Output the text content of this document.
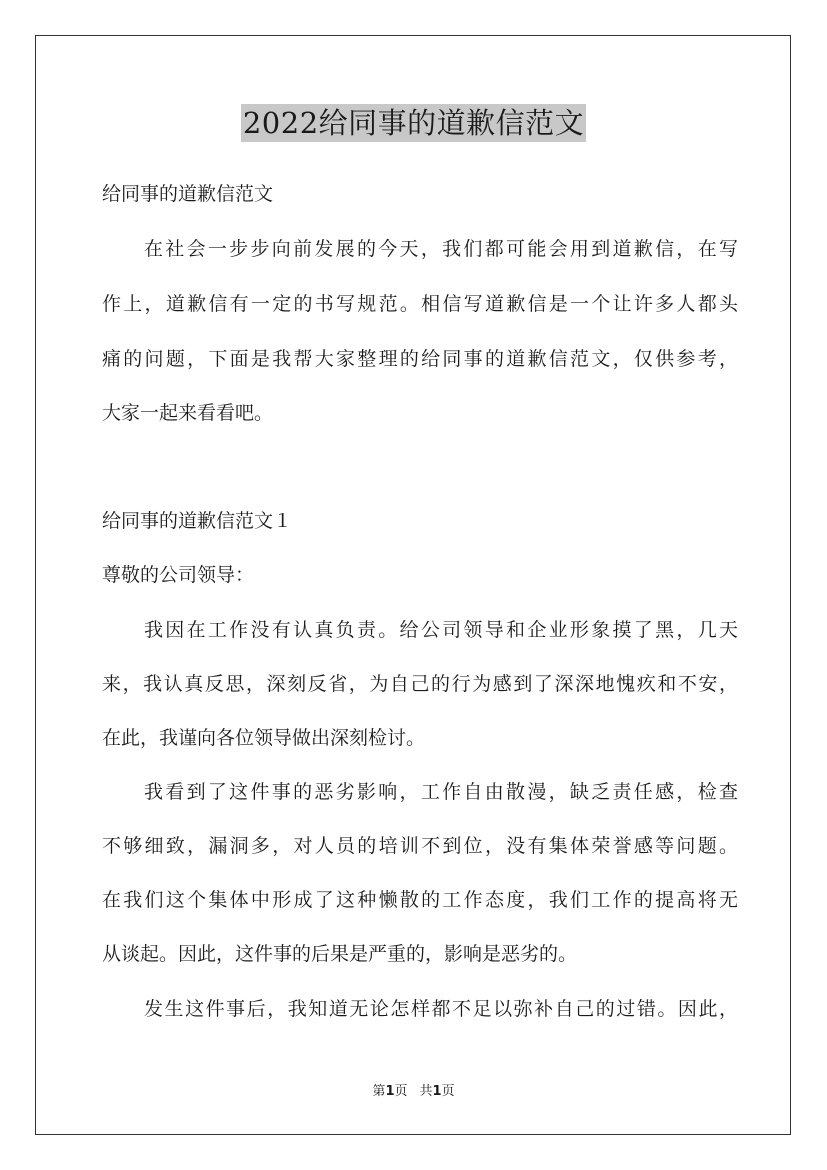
2022给同事的道歉信范文
给同事的道歉信范文
在社会一步步向前发展的今天，我们都可能会用到道歉信，在写
作上，道歉信有一定的书写规范。相信写道歉信是一个让许多人都头
痛的问题，下面是我帮大家整理的给同事的道歉信范文，仅供参考，
大家一起来看看吧。
给同事的道歉信范文１
尊敬的公司领导：
我因在工作没有认真负责。给公司领导和企业形象摸了黑，几天
来，我认真反思，深刻反省，为自己的行为感到了深深地愧疚和不安，
在此，我谨向各位领导做出深刻检讨。
我看到了这件事的恶劣影响，工作自由散漫，缺乏责任感，检查
不够细致，漏洞多，对人员的培训不到位，没有集体荣誉感等问题。
在我们这个集体中形成了这种懒散的工作态度，我们工作的提高将无
从谈起。因此，这件事的后果是严重的，影响是恶劣的。
发生这件事后，我知道无论怎样都不足以弥补自己的过错。因此，
第1页 共1页
